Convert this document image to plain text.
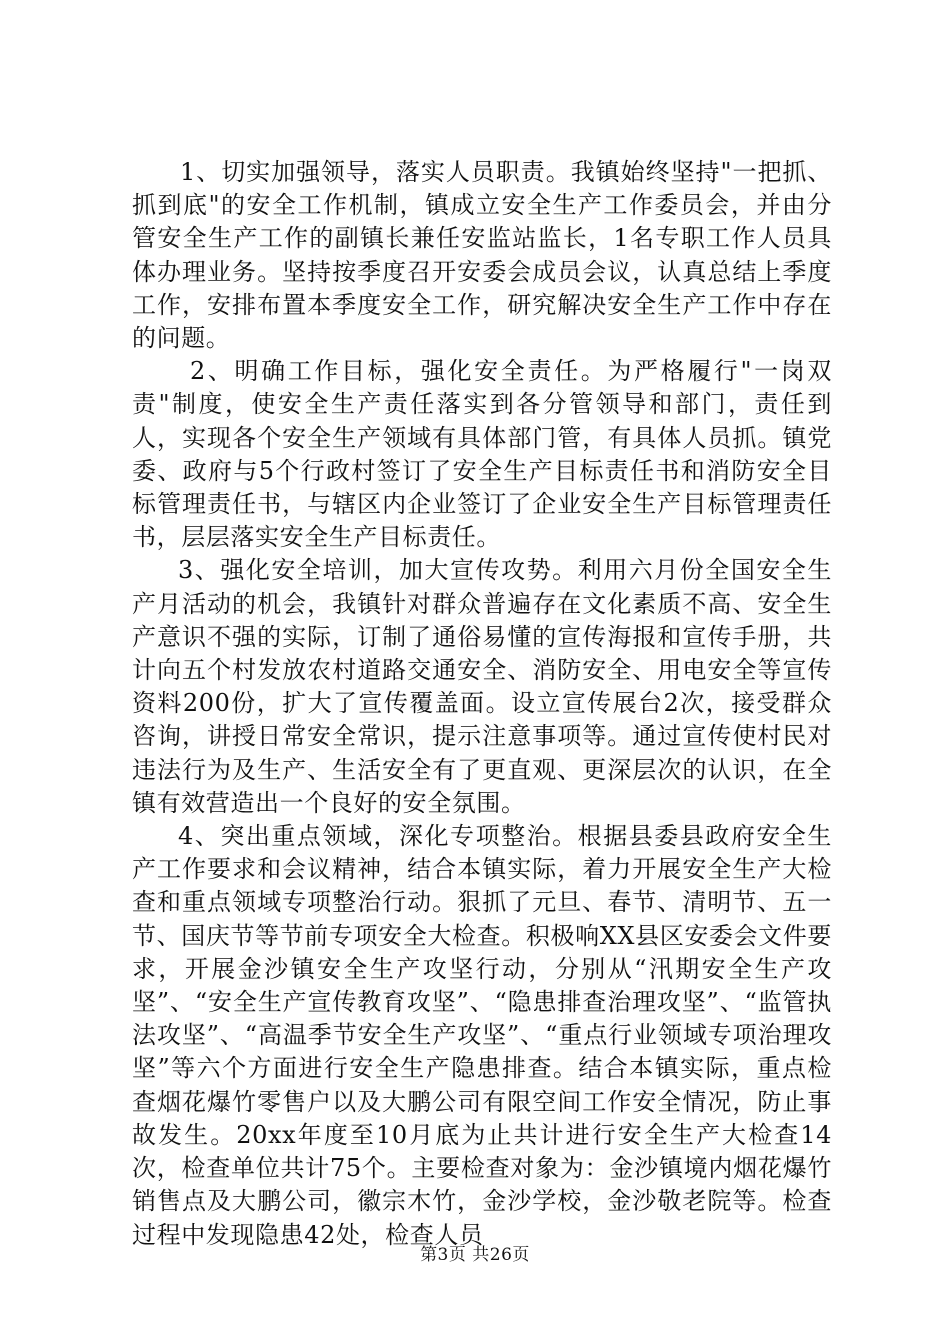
1、切实加强领导，落实人员职责。我镇始终坚持"一把抓、抓到底"的安全工作机制，镇成立安全生产工作委员会，并由分管安全生产工作的副镇长兼任安监站监长，1名专职工作人员具体办理业务。坚持按季度召开安委会成员会议，认真总结上季度工作，安排布置本季度安全工作，研究解决安全生产工作中存在的问题。

2、明确工作目标，强化安全责任。为严格履行"一岗双责"制度，使安全生产责任落实到各分管领导和部门，责任到人，实现各个安全生产领域有具体部门管，有具体人员抓。镇党委、政府与5个行政村签订了安全生产目标责任书和消防安全目标管理责任书，与辖区内企业签订了企业安全生产目标管理责任书，层层落实安全生产目标责任。

3、强化安全培训，加大宣传攻势。利用六月份全国安全生产月活动的机会，我镇针对群众普遍存在文化素质不高、安全生产意识不强的实际，订制了通俗易懂的宣传海报和宣传手册，共计向五个村发放农村道路交通安全、消防安全、用电安全等宣传资料200份，扩大了宣传覆盖面。设立宣传展台2次，接受群众咨询，讲授日常安全常识，提示注意事项等。通过宣传使村民对违法行为及生产、生活安全有了更直观、更深层次的认识，在全镇有效营造出一个良好的安全氛围。

4、突出重点领域，深化专项整治。根据县委县政府安全生产工作要求和会议精神，结合本镇实际，着力开展安全生产大检查和重点领域专项整治行动。狠抓了元旦、春节、清明节、五一节、国庆节等节前专项安全大检查。积极响XX县区安委会文件要求，开展金沙镇安全生产攻坚行动，分别从“汛期安全生产攻坚”、“安全生产宣传教育攻坚”、“隐患排查治理攻坚”、“监管执法攻坚”、“高温季节安全生产攻坚”、“重点行业领域专项治理攻坚”等六个方面进行安全生产隐患排查。结合本镇实际，重点检查烟花爆竹零售户以及大鹏公司有限空间工作安全情况，防止事故发生。20xx年度至10月底为止共计进行安全生产大检查14次，检查单位共计75个。主要检查对象为：金沙镇境内烟花爆竹销售点及大鹏公司，徽宗木竹，金沙学校，金沙敬老院等。检查过程中发现隐患42处，检查人员

第3页 共26页
